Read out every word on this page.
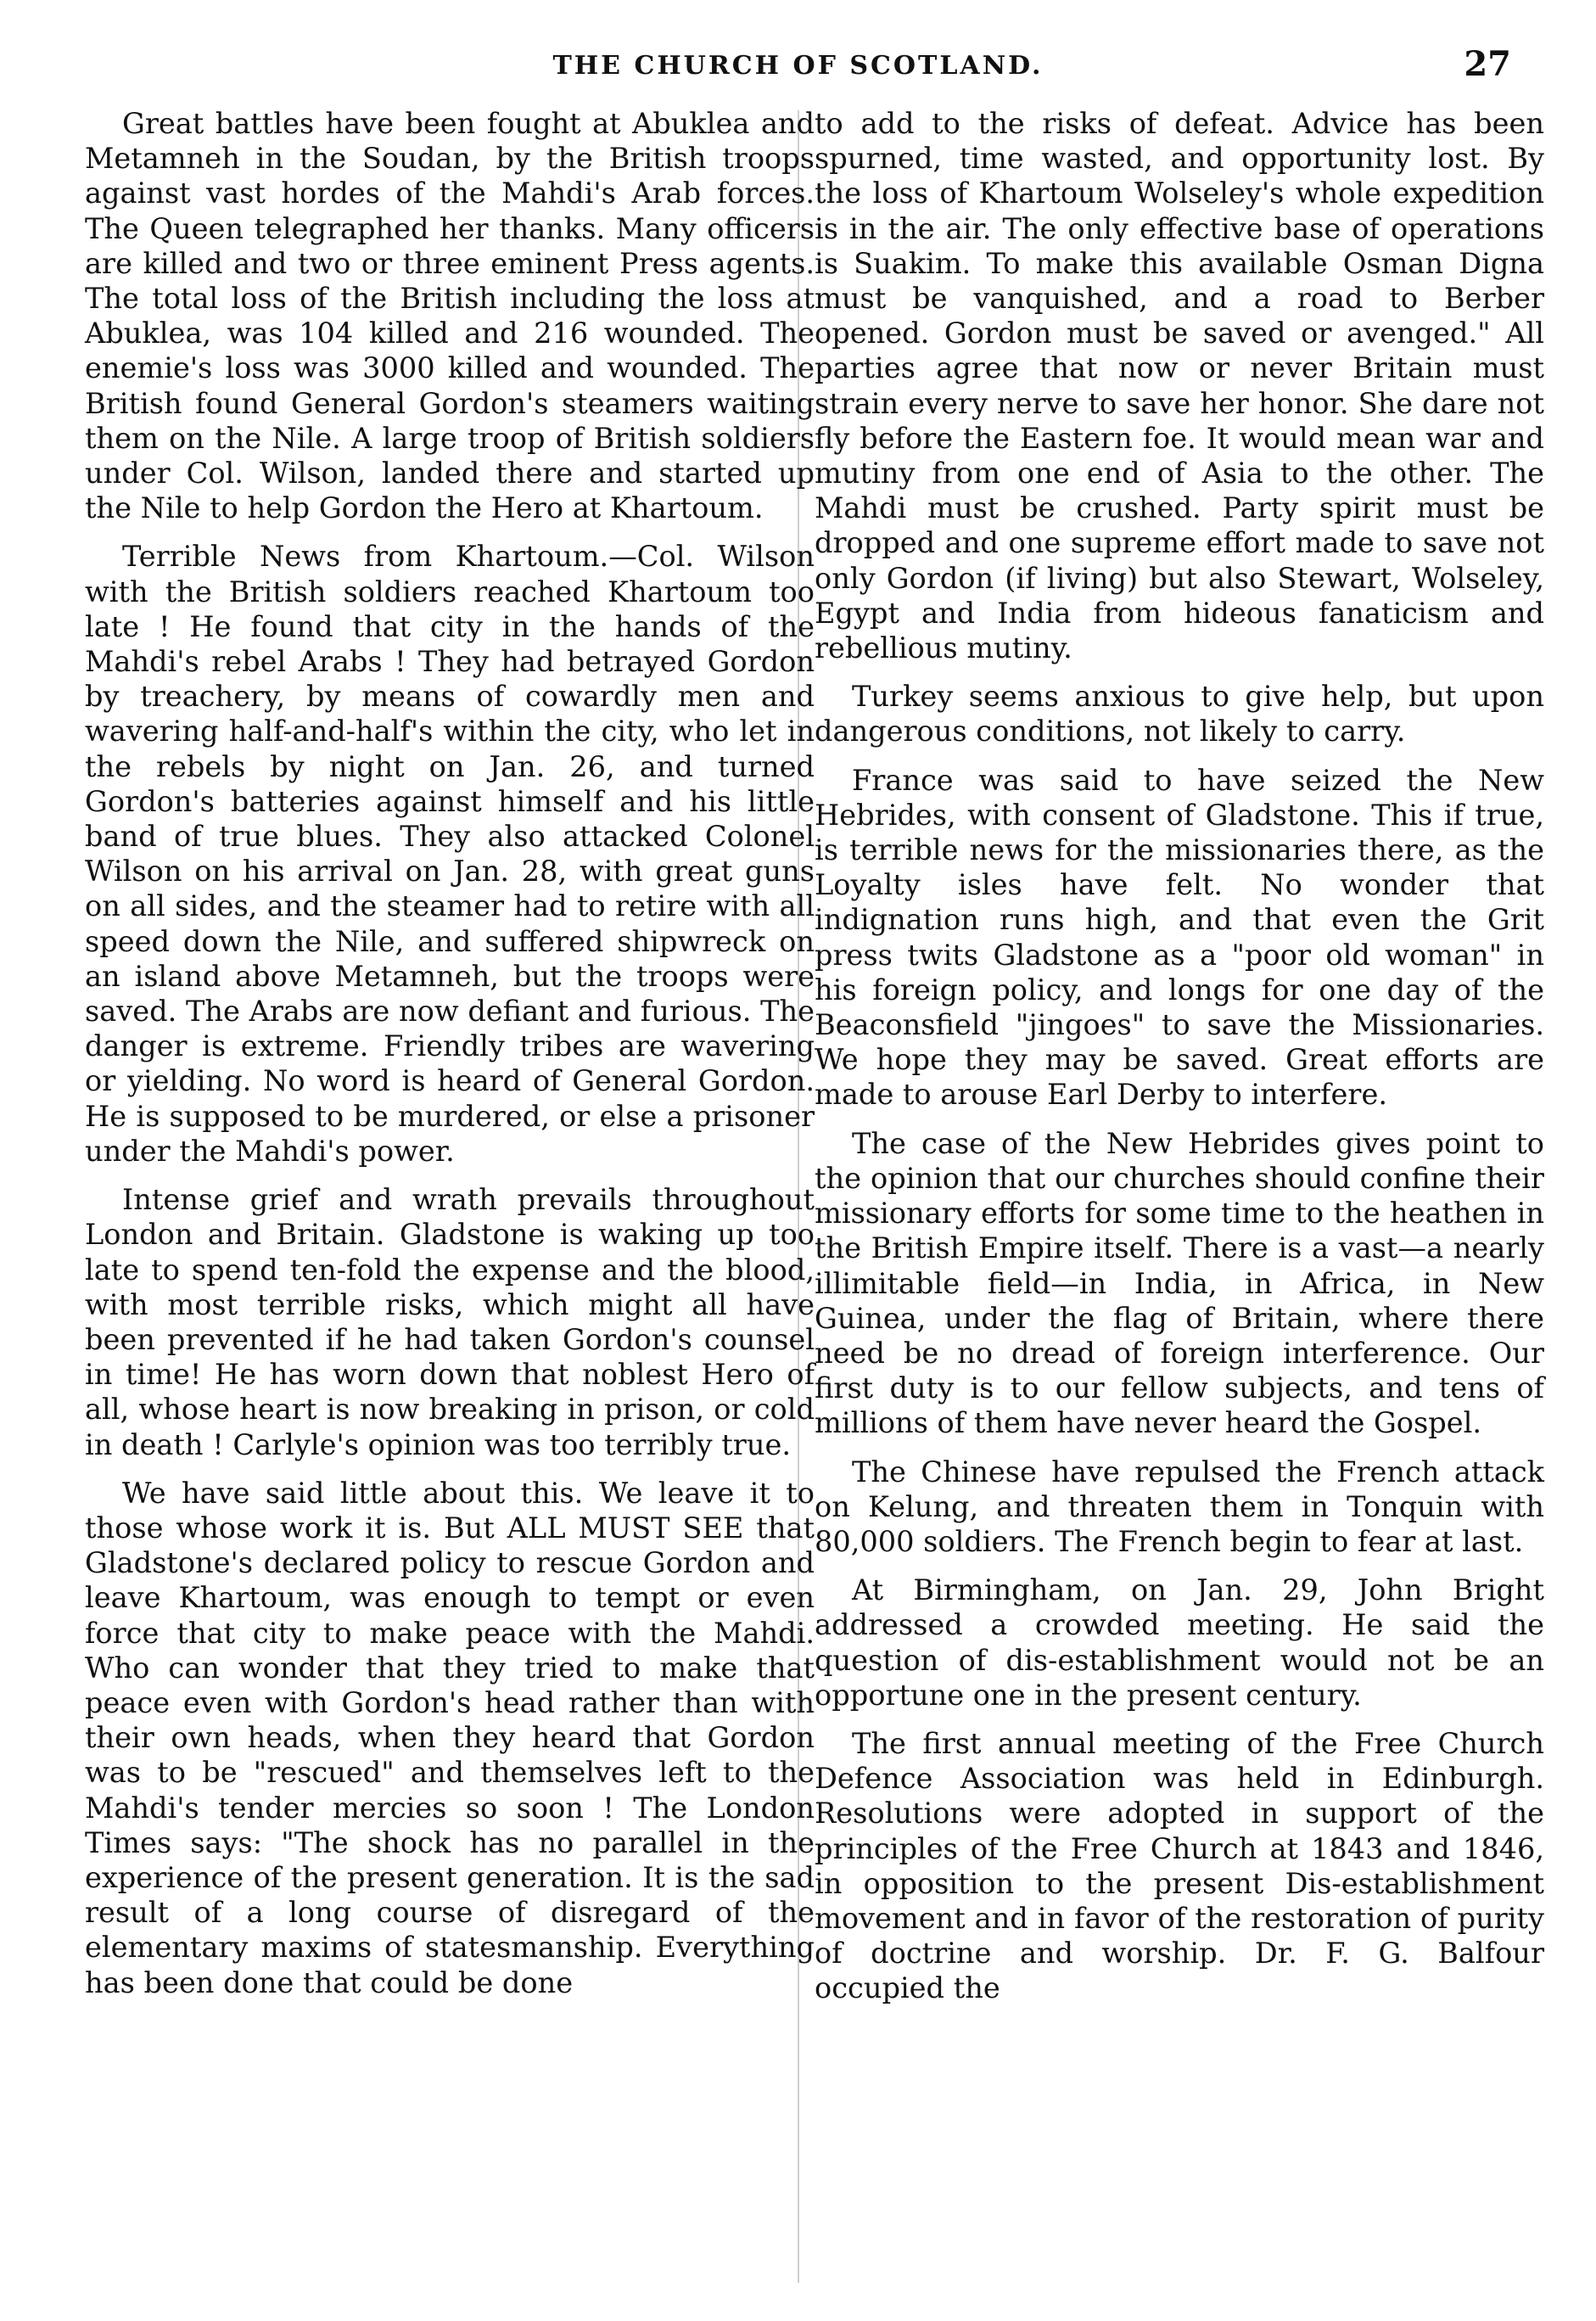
THE CHURCH OF SCOTLAND.	27

Great battles have been fought at Abuklea and Metamneh in the Soudan, by the British troops against vast hordes of the Mahdi's Arab forces. The Queen telegraphed her thanks. Many officers are killed and two or three eminent Press agents. The total loss of the British including the loss at Abuklea, was 104 killed and 216 wounded. The enemie's loss was 3000 killed and wounded. The British found General Gordon's steamers waiting them on the Nile. A large troop of British soldiers under Col. Wilson, landed there and started up the Nile to help Gordon the Hero at Khartoum.

Terrible News from Khartoum.—Col. Wilson with the British soldiers reached Khartoum too late ! He found that city in the hands of the Mahdi's rebel Arabs ! They had betrayed Gordon by treachery, by means of cowardly men and wavering half-and-half's within the city, who let in the rebels by night on Jan. 26, and turned Gordon's batteries against himself and his little band of true blues. They also attacked Colonel Wilson on his arrival on Jan. 28, with great guns on all sides, and the steamer had to retire with all speed down the Nile, and suffered shipwreck on an island above Metamneh, but the troops were saved. The Arabs are now defiant and furious. The danger is extreme. Friendly tribes are wavering or yielding. No word is heard of General Gordon. He is supposed to be murdered, or else a prisoner under the Mahdi's power.

Intense grief and wrath prevails throughout London and Britain. Gladstone is waking up too late to spend ten-fold the expense and the blood, with most terrible risks, which might all have been prevented if he had taken Gordon's counsel in time! He has worn down that noblest Hero of all, whose heart is now breaking in prison, or cold in death ! Carlyle's opinion was too terribly true.

We have said little about this. We leave it to those whose work it is. But ALL MUST SEE that Gladstone's declared policy to rescue Gordon and leave Khartoum, was enough to tempt or even force that city to make peace with the Mahdi. Who can wonder that they tried to make that peace even with Gordon's head rather than with their own heads, when they heard that Gordon was to be "rescued" and themselves left to the Mahdi's tender mercies so soon ! The London Times says: "The shock has no parallel in the experience of the present generation. It is the sad result of a long course of disregard of the elementary maxims of statesmanship. Everything has been done that could be done

to add to the risks of defeat. Advice has been spurned, time wasted, and opportunity lost. By the loss of Khartoum Wolseley's whole expedition is in the air. The only effective base of operations is Suakim. To make this available Osman Digna must be vanquished, and a road to Berber opened. Gordon must be saved or avenged." All parties agree that now or never Britain must strain every nerve to save her honor. She dare not fly before the Eastern foe. It would mean war and mutiny from one end of Asia to the other. The Mahdi must be crushed. Party spirit must be dropped and one supreme effort made to save not only Gordon (if living) but also Stewart, Wolseley, Egypt and India from hideous fanaticism and rebellious mutiny.

Turkey seems anxious to give help, but upon dangerous conditions, not likely to carry.

France was said to have seized the New Hebrides, with consent of Gladstone. This if true, is terrible news for the missionaries there, as the Loyalty isles have felt. No wonder that indignation runs high, and that even the Grit press twits Gladstone as a "poor old woman" in his foreign policy, and longs for one day of the Beaconsfield "jingoes" to save the Missionaries. We hope they may be saved. Great efforts are made to arouse Earl Derby to interfere.

The case of the New Hebrides gives point to the opinion that our churches should confine their missionary efforts for some time to the heathen in the British Empire itself. There is a vast—a nearly illimitable field—in India, in Africa, in New Guinea, under the flag of Britain, where there need be no dread of foreign interference. Our first duty is to our fellow subjects, and tens of millions of them have never heard the Gospel.

The Chinese have repulsed the French attack on Kelung, and threaten them in Tonquin with 80,000 soldiers. The French begin to fear at last.

At Birmingham, on Jan. 29, John Bright addressed a crowded meeting. He said the question of dis-establishment would not be an opportune one in the present century.

The first annual meeting of the Free Church Defence Association was held in Edinburgh. Resolutions were adopted in support of the principles of the Free Church at 1843 and 1846, in opposition to the present Dis-establishment movement and in favor of the restoration of purity of doctrine and worship. Dr. F. G. Balfour occupied the
